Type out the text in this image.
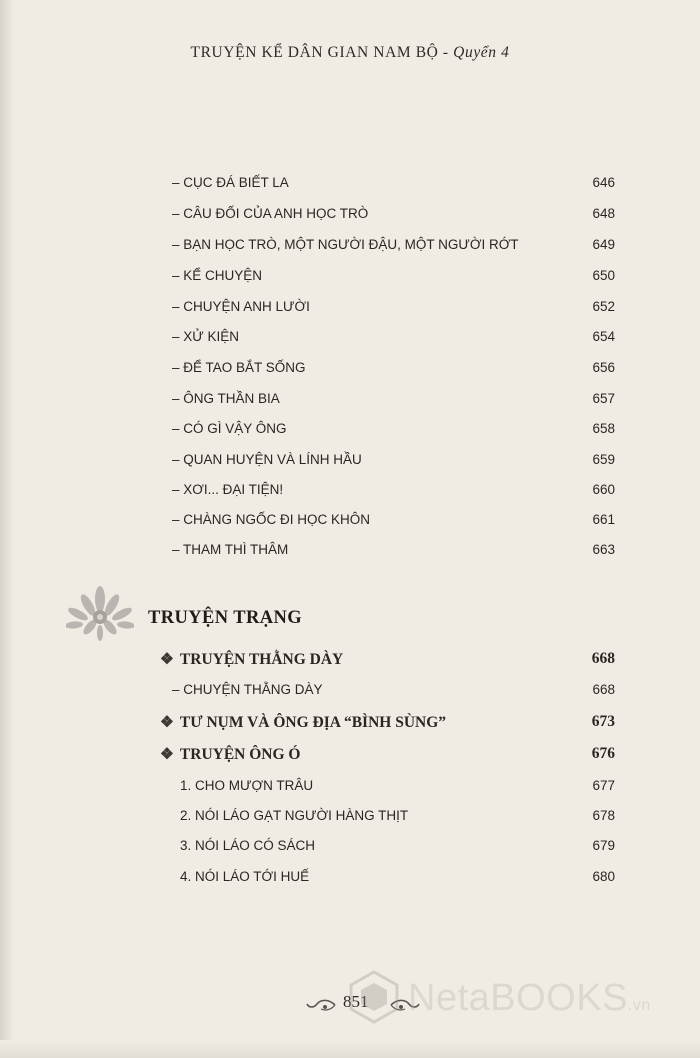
TRUYỆN KỂ DÂN GIAN NAM BỘ - Quyển 4
– CỤC ĐÁ BIẾT LA	646
– CÂU ĐỐI CỦA ANH HỌC TRÒ	648
– BẠN HỌC TRÒ, MỘT NGƯỜI ĐẬU, MỘT NGƯỜI RỚT	649
– KỂ CHUYỆN	650
– CHUYỆN ANH LƯỜI	652
– XỬ KIỆN	654
– ĐỂ TAO BẮT SỐNG	656
– ÔNG THẦN BIA	657
– CÓ GÌ VẬY ÔNG	658
– QUAN HUYỆN VÀ LÍNH HẦU	659
– XƠI... ĐẠI TIỆN!	660
– CHÀNG NGỐC ĐI HỌC KHÔN	661
– THAM THÌ THÂM	663
TRUYỆN TRẠNG
❖ TRUYỆN THẰNG DÀY	668
– CHUYỆN THẰNG DÀY	668
❖ TƯ NỤM VÀ ÔNG ĐỊA “BÌNH SÙNG”	673
❖ TRUYỆN ÔNG Ó	676
1. CHO MƯỢN TRÂU	677
2. NÓI LÁO GẠT NGƯỜI HÀNG THỊT	678
3. NÓI LÁO CÓ SÁCH	679
4. NÓI LÁO TỚI HUẾ	680
851 NetaBOOKS.vn
